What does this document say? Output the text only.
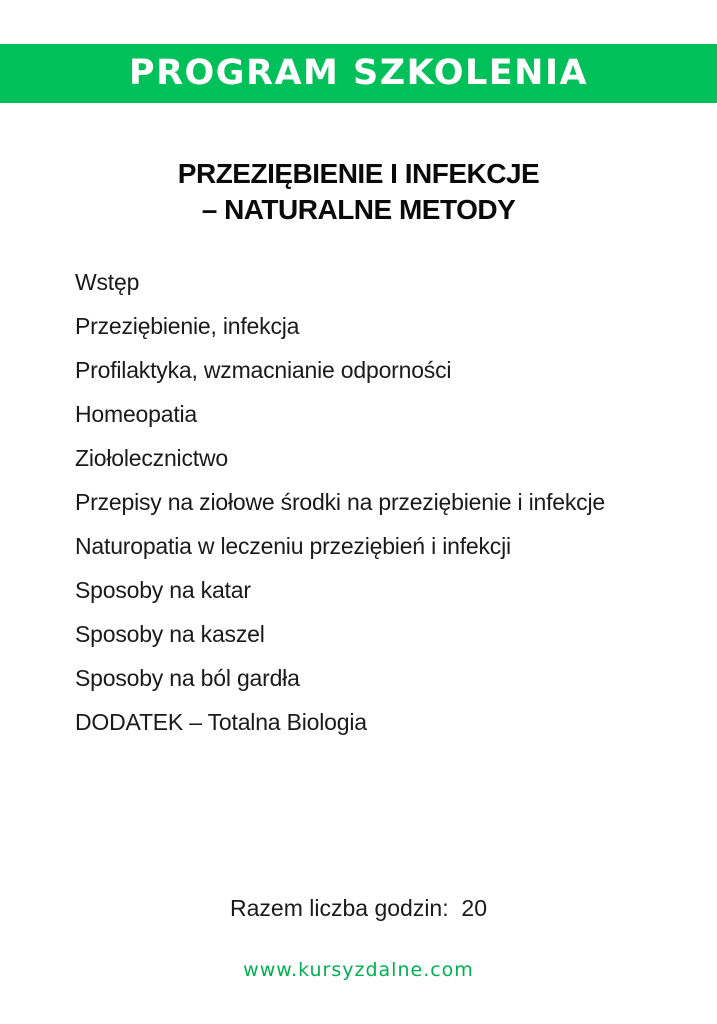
PROGRAM SZKOLENIA
PRZEZIĘBIENIE I INFEKCJE
– NATURALNE METODY
Wstęp
Przeziębienie, infekcja
Profilaktyka, wzmacnianie odporności
Homeopatia
Ziołolecznictwo
Przepisy na ziołowe środki na przeziębienie i infekcje
Naturopatia w leczeniu przeziębień i infekcji
Sposoby na katar
Sposoby na kaszel
Sposoby na ból gardła
DODATEK – Totalna Biologia
Razem liczba godzin:  20
www.kursyzdalne.com
